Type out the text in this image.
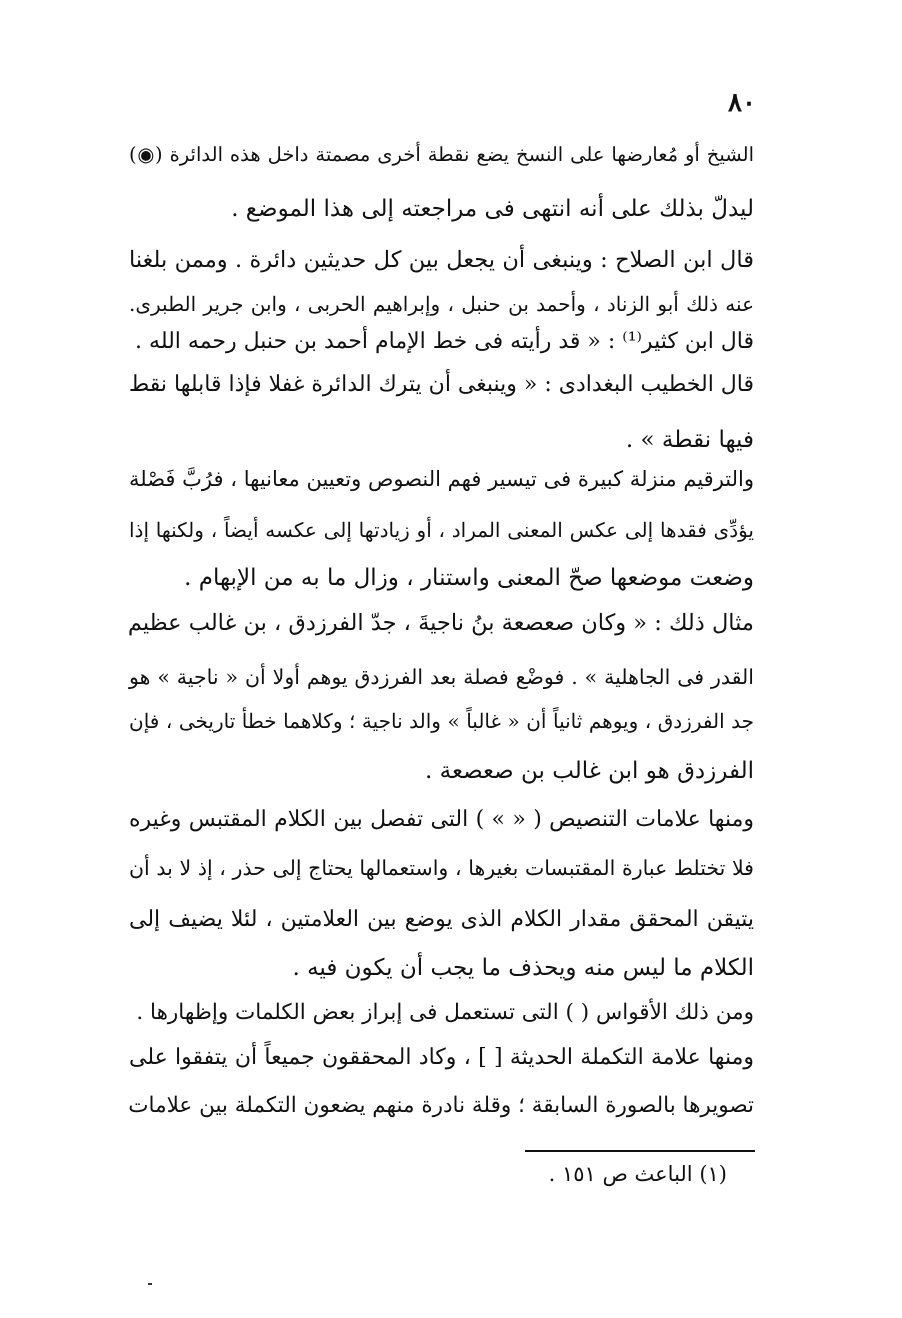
٨٠
الشيخ أو مُعارضها على النسخ يضع نقطة أخرى مصمتة داخل هذه الدائرة (◉)
ليدلّ بذلك على أنه انتهى فى مراجعته إلى هذا الموضع .
قال ابن الصلاح : وينبغى أن يجعل بين كل حديثين دائرة . وممن بلغنا
عنه ذلك أبو الزناد ، وأحمد بن حنبل ، وإبراهيم الحربى ، وابن جرير الطبرى.
قال ابن كثير⁽¹⁾ : « قد رأيته فى خط الإمام أحمد بن حنبل رحمه الله .
قال الخطيب البغدادى : « وينبغى أن يترك الدائرة غفلا فإذا قابلها نقط
فيها نقطة » .
والترقيم منزلة كبيرة فى تيسير فهم النصوص وتعيين معانيها ، فرُبَّ فَصْلة
يؤدِّى فقدها إلى عكس المعنى المراد ، أو زيادتها إلى عكسه أيضاً ، ولكنها إذا
وضعت موضعها صحّ المعنى واستنار ، وزال ما به من الإبهام .
مثال ذلك : « وكان صعصعة بنُ ناجيةَ ، جدّ الفرزدق ، بن غالب عظيم
القدر فى الجاهلية » . فوضْع فصلة بعد الفرزدق يوهم أولا أن « ناجية » هو
جد الفرزدق ، ويوهم ثانياً أن « غالباً » والد ناجية ؛ وكلاهما خطأ تاريخى ، فإن
الفرزدق هو ابن غالب بن صعصعة .
ومنها علامات التنصيص ( « » ) التى تفصل بين الكلام المقتبس وغيره
فلا تختلط عبارة المقتبسات بغيرها ، واستعمالها يحتاج إلى حذر ، إذ لا بد أن
يتيقن المحقق مقدار الكلام الذى يوضع بين العلامتين ، لئلا يضيف إلى
الكلام ما ليس منه ويحذف ما يجب أن يكون فيه .
ومن ذلك الأقواس ( ) التى تستعمل فى إبراز بعض الكلمات وإظهارها .
ومنها علامة التكملة الحديثة [ ] ، وكاد المحققون جميعاً أن يتفقوا على
تصويرها بالصورة السابقة ؛ وقلة نادرة منهم يضعون التكملة بين علامات
(١) الباعث ص ١٥١ .
